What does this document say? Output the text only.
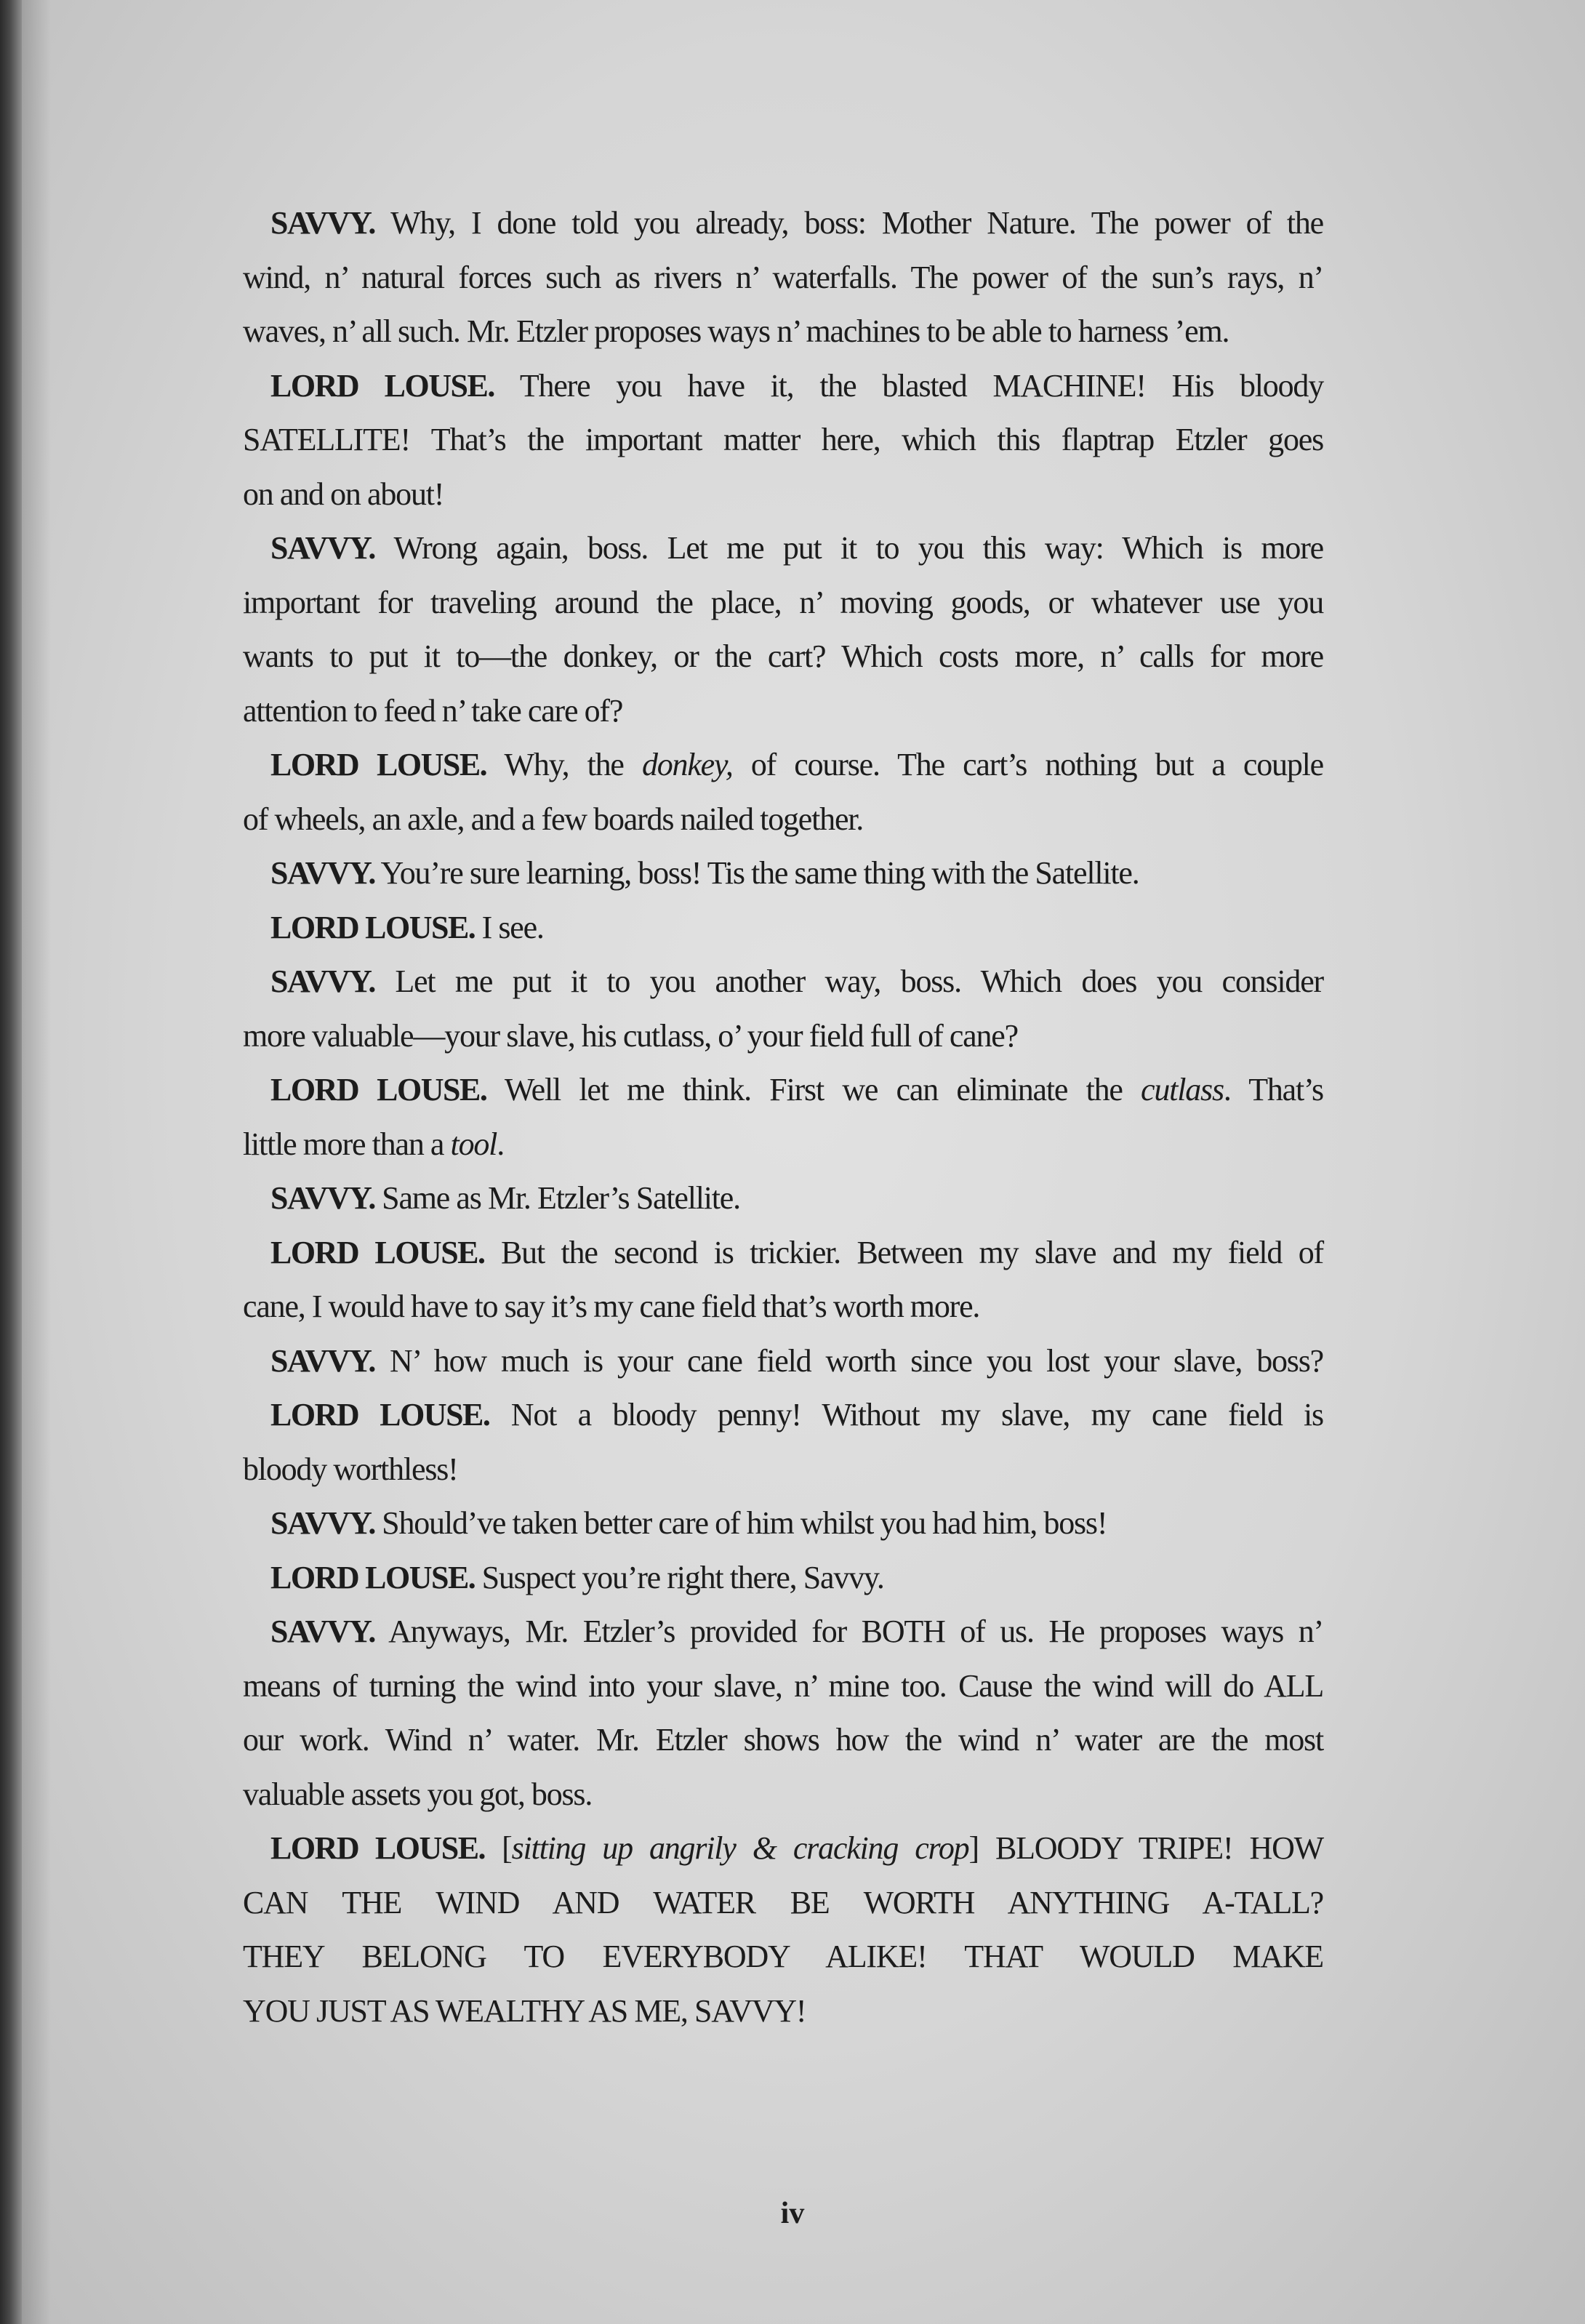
SAVVY. Why, I done told you already, boss: Mother Nature. The power of the
wind, n’ natural forces such as rivers n’ waterfalls. The power of the sun’s rays, n’
waves, n’ all such. Mr. Etzler proposes ways n’ machines to be able to harness ’em.
LORD LOUSE. There you have it, the blasted MACHINE! His bloody
SATELLITE! That’s the important matter here, which this flaptrap Etzler goes
on and on about!
SAVVY. Wrong again, boss. Let me put it to you this way: Which is more
important for traveling around the place, n’ moving goods, or whatever use you
wants to put it to—the donkey, or the cart? Which costs more, n’ calls for more
attention to feed n’ take care of?
LORD LOUSE. Why, the donkey, of course. The cart’s nothing but a couple
of wheels, an axle, and a few boards nailed together.
SAVVY. You’re sure learning, boss! Tis the same thing with the Satellite.
LORD LOUSE. I see.
SAVVY. Let me put it to you another way, boss. Which does you consider
more valuable—your slave, his cutlass, o’ your field full of cane?
LORD LOUSE. Well let me think. First we can eliminate the cutlass. That’s
little more than a tool.
SAVVY. Same as Mr. Etzler’s Satellite.
LORD LOUSE. But the second is trickier. Between my slave and my field of
cane, I would have to say it’s my cane field that’s worth more.
SAVVY. N’ how much is your cane field worth since you lost your slave, boss?
LORD LOUSE. Not a bloody penny! Without my slave, my cane field is
bloody worthless!
SAVVY. Should’ve taken better care of him whilst you had him, boss!
LORD LOUSE. Suspect you’re right there, Savvy.
SAVVY. Anyways, Mr. Etzler’s provided for BOTH of us. He proposes ways n’
means of turning the wind into your slave, n’ mine too. Cause the wind will do ALL
our work. Wind n’ water. Mr. Etzler shows how the wind n’ water are the most
valuable assets you got, boss.
LORD LOUSE. [sitting up angrily & cracking crop] BLOODY TRIPE! HOW
CAN THE WIND AND WATER BE WORTH ANYTHING A-TALL?
THEY BELONG TO EVERYBODY ALIKE! THAT WOULD MAKE
YOU JUST AS WEALTHY AS ME, SAVVY!
iv
